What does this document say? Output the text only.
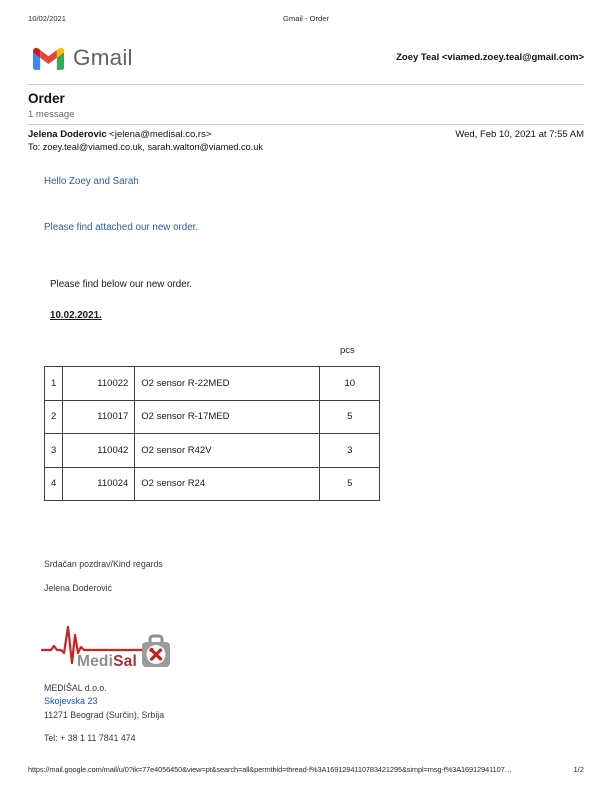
10/02/2021	Gmail - Order
Gmail	Zoey Teal <viamed.zoey.teal@gmail.com>
Order
1 message
Jelena Doderovic <jelena@medisal.co.rs>	Wed, Feb 10, 2021 at 7:55 AM
To: zoey.teal@viamed.co.uk, sarah.walton@viamed.co.uk
Hello Zoey and Sarah
Please find attached our new order.
Please find below our new order.
10.02.2021.
pcs
1	110022	O2 sensor R-22MED	10
2	110017	O2 sensor R-17MED	5
3	110042	O2 sensor R42V	3
4	110024	O2 sensor R24	5
Srdačan pozdrav/Kind regards
Jelena Doderović
MediSal
MEDIŠAL d.o.o.
Skojevska 23
11271 Beograd (Surčin), Srbija
Tel: + 38 1 11 7841 474
https://mail.google.com/mail/u/0?ik=77e4056450&view=pt&search=all&permthid=thread-f%3A1691294110783421295&simpl=msg-f%3A16912941107…	1/2
